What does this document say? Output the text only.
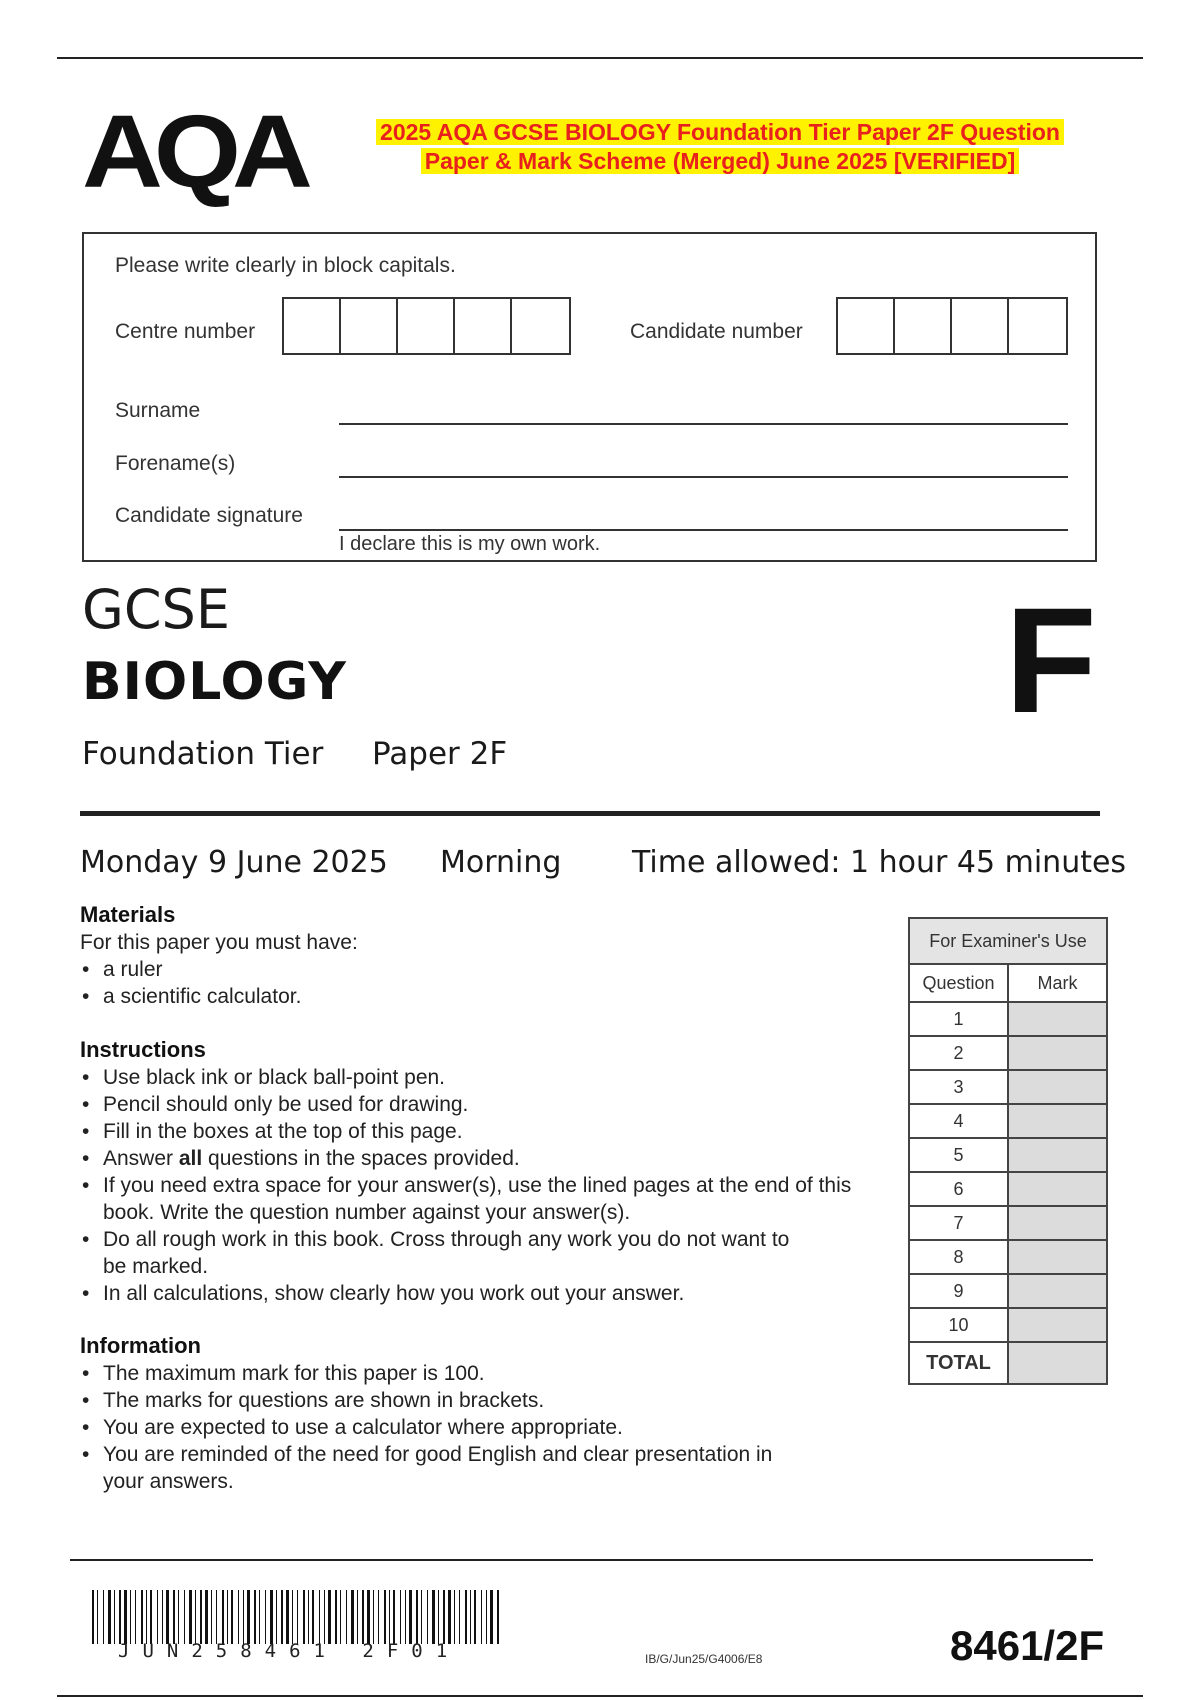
AQA	2025 AQA GCSE BIOLOGY Foundation Tier Paper 2F Question
Paper & Mark Scheme (Merged) June 2025 [VERIFIED]
Please write clearly in block capitals.
Centre number	Candidate number
Surname
Forename(s)
Candidate signature
I declare this is my own work.
GCSE
BIOLOGY	F
Foundation Tier Paper 2F
Monday 9 June 2025 Morning Time allowed: 1 hour 45 minutes
Materials

For this paper you must have:

• a ruler
• a scientific calculator.
Instructions
• Use black ink or black ball-point pen.
• Pencil should only be used for drawing.
• Fill in the boxes at the top of this page.
• Answer all questions in the spaces provided.
• If you need extra space for your answer(s), use the lined pages at the end of this book. Write the question number against your answer(s).
• Do all rough work in this book. Cross through any work you do not want to be marked.
• In all calculations, show clearly how you work out your answer.
Information
• The maximum mark for this paper is 100.
• The marks for questions are shown in brackets.
• You are expected to use a calculator where appropriate.
• You are reminded of the need for good English and clear presentation in your answers.
For Examiner's Use	
Question	Mark
1	
2	
3	
4	
5	
6	
7	
8	
9	
10	
TOTAL	
JUN258461 2F01	IB/G/Jun25/G4006/E8	8461/2F
